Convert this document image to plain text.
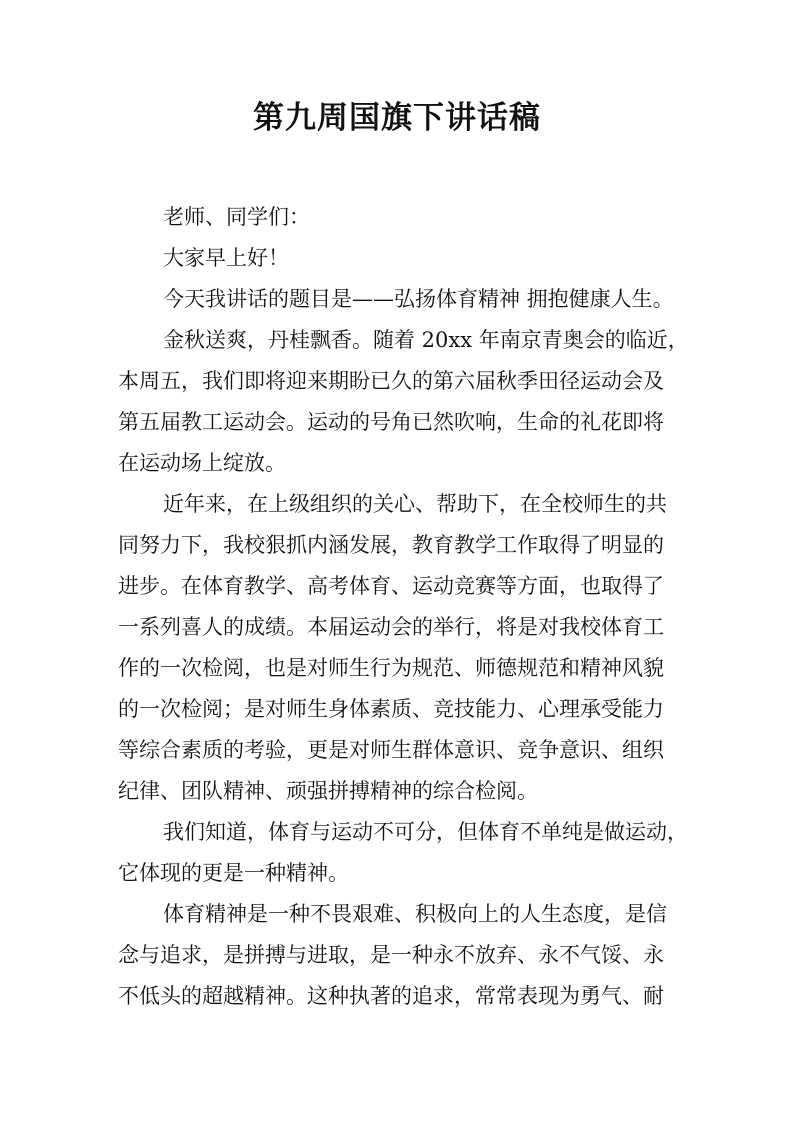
第九周国旗下讲话稿

老师、同学们：

大家早上好！

今天我讲话的题目是——弘扬体育精神 拥抱健康人生。

金秋送爽，丹桂飘香。随着 20xx 年南京青奥会的临近，

本周五，我们即将迎来期盼已久的第六届秋季田径运动会及

第五届教工运动会。运动的号角已然吹响，生命的礼花即将

在运动场上绽放。

近年来，在上级组织的关心、帮助下，在全校师生的共

同努力下，我校狠抓内涵发展，教育教学工作取得了明显的

进步。在体育教学、高考体育、运动竞赛等方面，也取得了

一系列喜人的成绩。本届运动会的举行，将是对我校体育工

作的一次检阅，也是对师生行为规范、师德规范和精神风貌

的一次检阅；是对师生身体素质、竞技能力、心理承受能力

等综合素质的考验，更是对师生群体意识、竞争意识、组织

纪律、团队精神、顽强拼搏精神的综合检阅。

我们知道，体育与运动不可分，但体育不单纯是做运动，

它体现的更是一种精神。

体育精神是一种不畏艰难、积极向上的人生态度，是信

念与追求，是拼搏与进取，是一种永不放弃、永不气馁、永

不低头的超越精神。这种执著的追求，常常表现为勇气、耐
